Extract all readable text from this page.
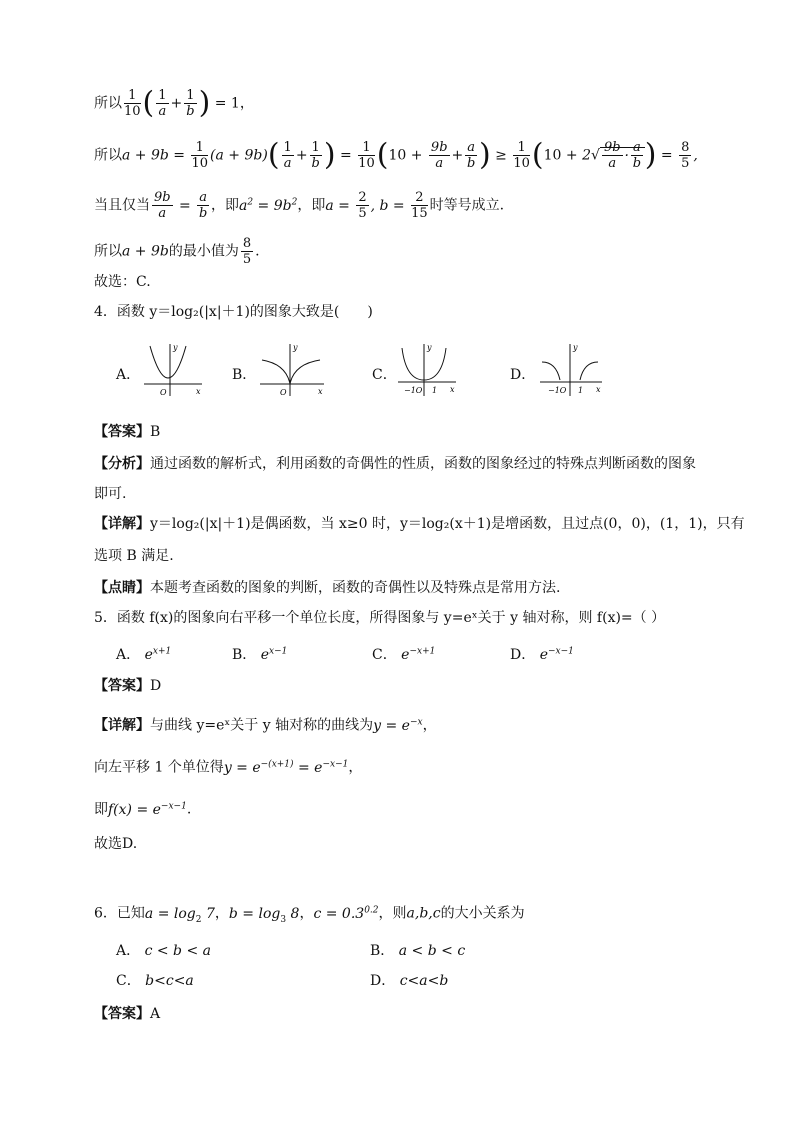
所以 $\frac{1}{10}$ ( $\frac{1}{a} + \frac{1}{b}$ ) = 1，
所以$a + 9b = \frac{1}{10} (a + 9b)( \frac{1}{a} + \frac{1}{b}$ ) = $\frac{1}{10} (10 + \frac{9b}{a} + \frac{a}{b}$ ) ≥ $\frac{1}{10} (10 + 2√ \frac{9b}{a} \cdot \frac{a}{b}$ ) = $\frac{8}{5}$ ,
当且仅当 $\frac{9b}{a} = \frac{a}{b}$ ，即$a^2 = 9b^2$，即$a = \frac{2}{5}$ , $b = \frac{2}{15}$ 时等号成立.
所以a + 9b的最小值为 $\frac{8}{5}$ .
故选：C.
4．函数 y＝log₂(|x|＋1)的图象大致是(　　)
A．
y
x
O
B．
y
x
O
C．
y
x
−1O 1
D．
y
x
−1O 1
【答案】B
【分析】通过函数的解析式，利用函数的奇偶性的性质，函数的图象经过的特殊点判断函数的图象
即可.
【详解】y＝log₂(|x|＋1)是偶函数，当 x≥0 时，y＝log₂(x＋1)是增函数，且过点(0，0)，(1，1)，只有
选项 B 满足.
【点睛】本题考查函数的图象的判断，函数的奇偶性以及特殊点是常用方法.
5．函数 f(x)的图象向右平移一个单位长度，所得图象与 y=eˣ关于 y 轴对称，则 f(x)=（ ）
A． $e^{x+1}$	B． $e^{x-1}$	C． $e^{-x+1}$	D． $e^{-x-1}$
【答案】D
【详解】与曲线 y=eˣ关于 y 轴对称的曲线为$y = e^{-x}$，
向左平移 1 个单位得$y = e^{-(x+1)} = e^{-x-1}$，
即$f(x) = e^{-x-1}$.
故选D.
6．已知$a = \log_2 7$，$b = \log_3 8$，$c = 0.3^{0.2}$，则a,b,c的大小关系为
A． c < b < a	B． a < b < c
C． b<c<a	D． c<a<b
【答案】A
